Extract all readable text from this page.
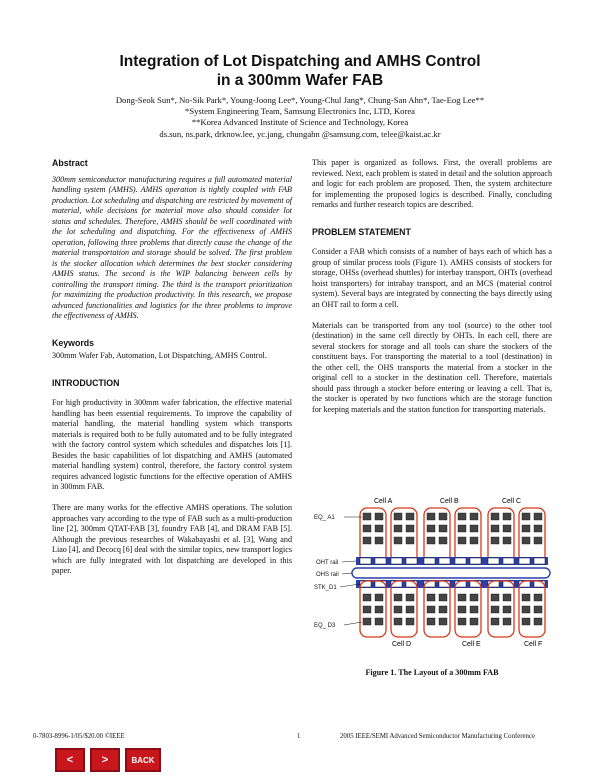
Integration of Lot Dispatching and AMHS Control
in a 300mm Wafer FAB
Dong-Seok Sun*, No-Sik Park*, Young-Joong Lee*, Young-Chul Jang*, Chung-San Ahn*, Tae-Eog Lee**
*System Engineering Team, Samsung Electronics Inc, LTD, Korea
**Korea Advanced Institute of Science and Technology, Korea
ds.sun, ns.park, drknow.lee, yc.jang, chungahn @samsung.com, telee@kaist.ac.kr
Abstract

300mm semiconductor manufacturing requires a full automated material handling system (AMHS). AMHS operation is tightly coupled with FAB production. Lot scheduling and dispatching are restricted by movement of material, while decisions for material move also should consider lot status and schedules. Therefore, AMHS should be well coordinated with the lot scheduling and dispatching. For the effectiveness of AMHS operation, following three problems that directly cause the change of the material transportation and storage should be solved. The first problem is the stocker allocation which determines the best stocker considering AMHS status. The second is the WIP balancing between cells by controlling the transport timing. The third is the transport prioritization for maximizing the production productivity. In this research, we propose advanced functionalities and logistics for the three problems to improve the effectiveness of AMHS.

Keywords

300mm Wafer Fab, Automation, Lot Dispatching, AMHS Control.

INTRODUCTION

For high productivity in 300mm wafer fabrication, the effective material handling has been essential requirements. To improve the capability of material handling, the material handling system which transports materials is required both to be fully automated and to be fully integrated with the factory control system which schedules and dispatches lots [1]. Besides the basic capabilities of lot dispatching and AMHS (automated material handling system) control, therefore, the factory control system requires advanced logistic functions for the effective operation of AMHS in 300mm FAB.

There are many works for the effective AMHS operations. The solution approaches vary according to the type of FAB such as a multi-production line [2], 300mm QTAT-FAB [3], foundry FAB [4], and DRAM FAB [5]. Although the previous researches of Wakabayashi et al. [3], Wang and Liao [4], and Decocq [6] deal with the similar topics, new transport logics which are fully integrated with lot dispatching are developed in this paper.

This paper is organized as follows. First, the overall problems are reviewed. Next, each problem is stated in detail and the solution approach and logic for each problem are proposed. Then, the system architecture for implementing the proposed logics is described. Finally, concluding remarks and further research topics are described.

PROBLEM STATEMENT

Consider a FAB which consists of a number of bays each of which has a group of similar process tools (Figure 1). AMHS consists of stockers for storage, OHSs (overhead shuttles) for interbay transport, OHTs (overhead hoist transporters) for intrabay transport, and an MCS (material control system). Several bays are integrated by connecting the bays directly using an OHT rail to form a cell.

Materials can be transported from any tool (source) to the other tool (destination) in the same cell directly by OHTs. In each cell, there are several stockers for storage and all tools can share the stockers of the constituent bays. For transporting the material to a tool (destination) in the other cell, the OHS transports the material from a stocker in the original cell to a stocker in the destination cell. Therefore, materials should pass through a stocker before entering or leaving a cell. That is, the stocker is operated by two functions which are the storage function for keeping materials and the station function for transporting materials.

Cell A	Cell B	Cell C
EQ_ A1
OHT rail
OHS rail
STK_D1
EQ_ D3
Cell D	Cell E	Cell F
Figure 1. The Layout of a 300mm FAB
0-7803-8996-1/05/$20.00 ©IEEE	1	2005 IEEE/SEMI Advanced Semiconductor Manufacturing Conference
<	>	BACK
